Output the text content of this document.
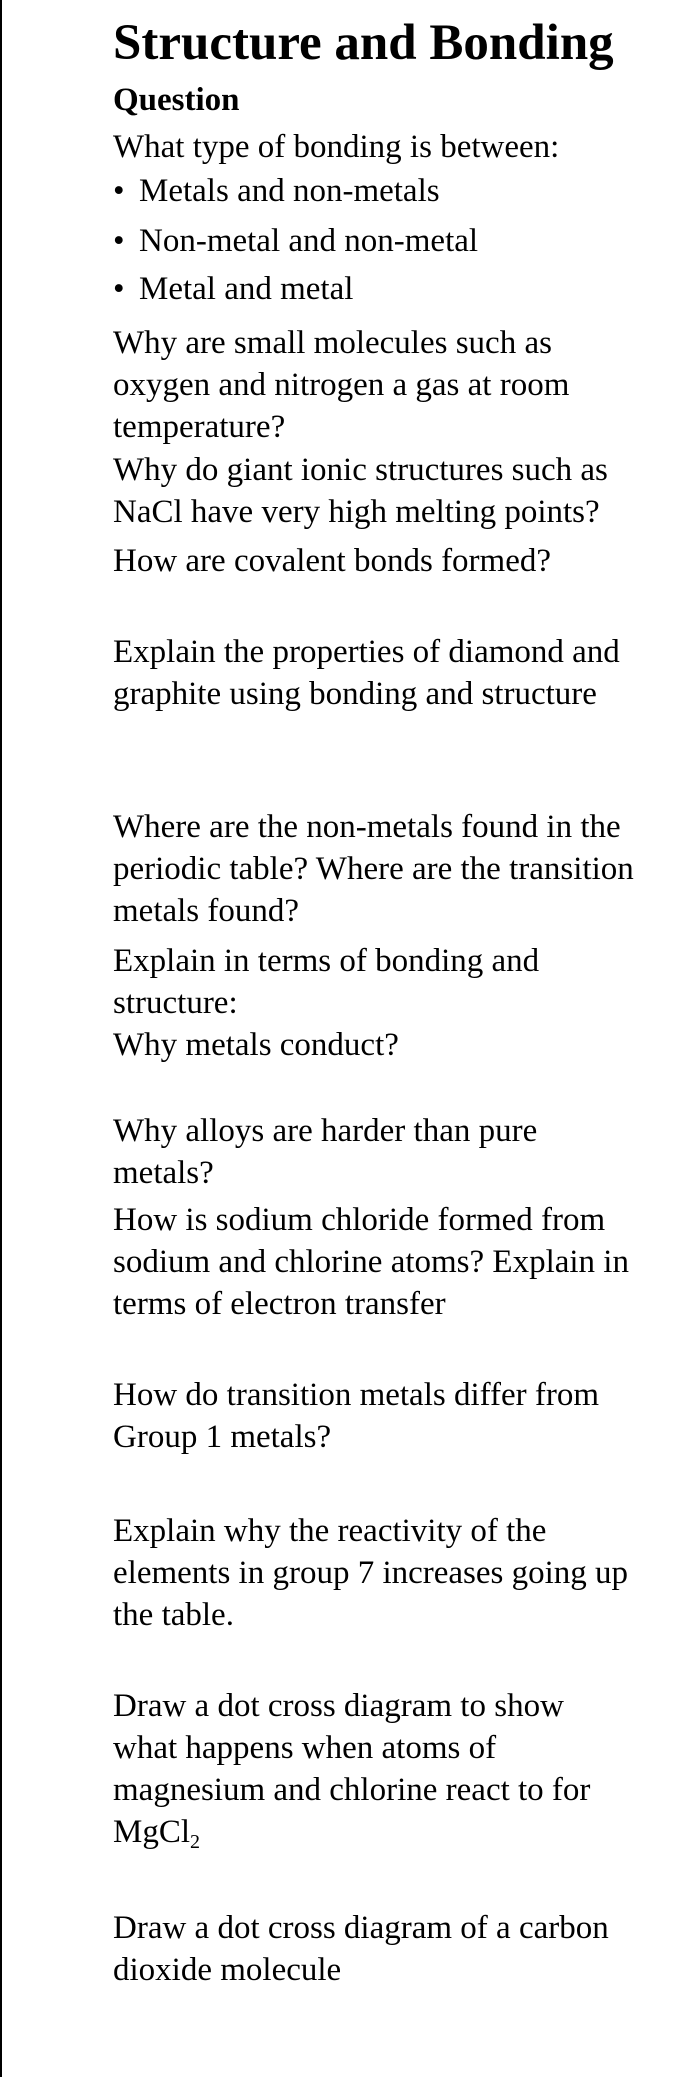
Structure and Bonding
Question

What type of bonding is between:

• Metals and non-metals
• Non-metal and non-metal
• Metal and metal

Why are small molecules such as
oxygen and nitrogen a gas at room
temperature?

Why do giant ionic structures such as
NaCl have very high melting points?

How are covalent bonds formed?

Explain the properties of diamond and
graphite using bonding and structure

Where are the non-metals found in the
periodic table? Where are the transition
metals found?

Explain in terms of bonding and
structure:

Why metals conduct?

Why alloys are harder than pure
metals?

How is sodium chloride formed from
sodium and chlorine atoms? Explain in
terms of electron transfer

How do transition metals differ from
Group 1 metals?

Explain why the reactivity of the
elements in group 7 increases going up
the table.

Draw a dot cross diagram to show
what happens when atoms of
magnesium and chlorine react to for
MgCl$_2$

Draw a dot cross diagram of a carbon
dioxide molecule
